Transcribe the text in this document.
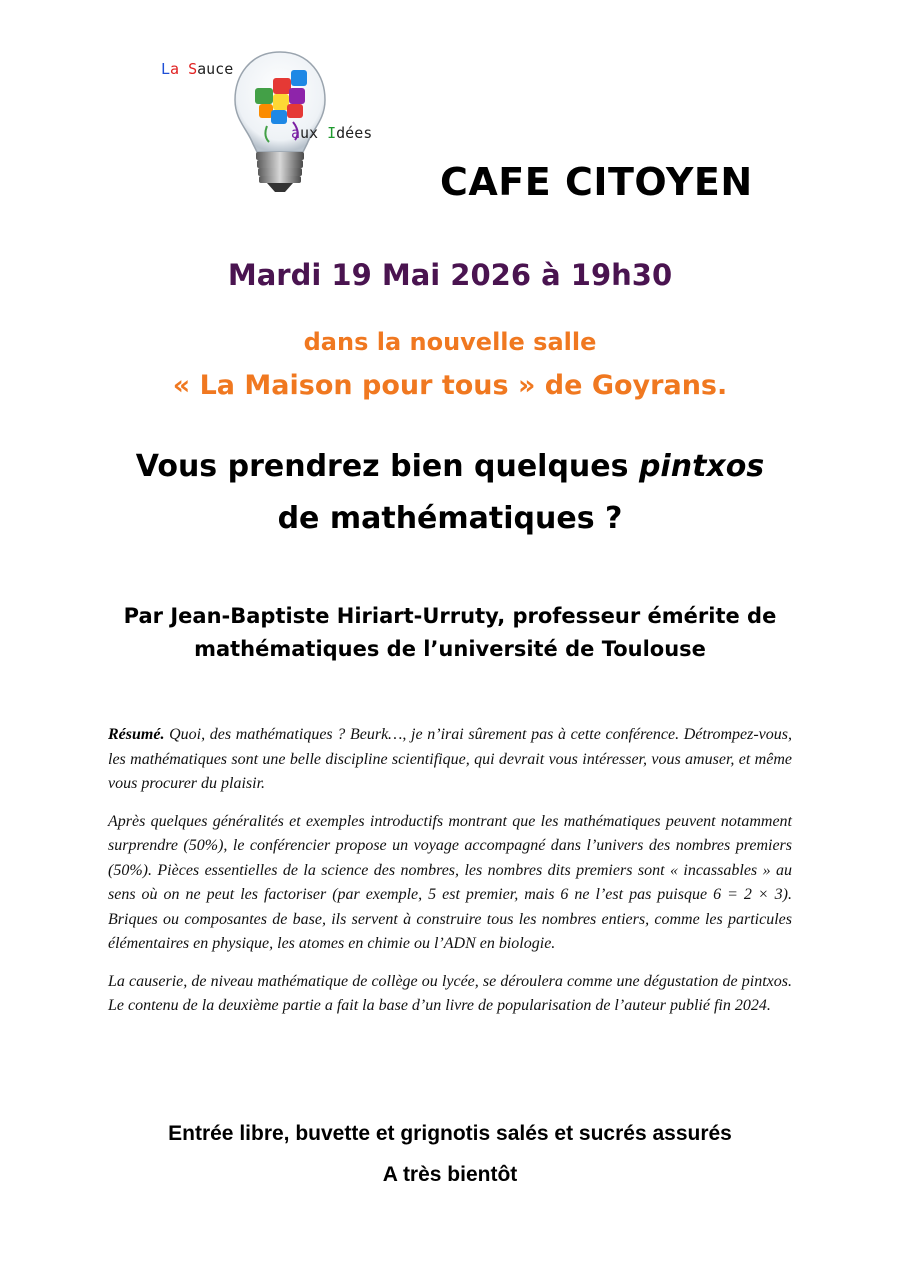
La Sauce
aux Idées
CAFE CITOYEN
Mardi 19 Mai 2026 à 19h30
dans la nouvelle salle
« La Maison pour tous » de Goyrans.
Vous prendrez bien quelques pintxos
de mathématiques ?
Par Jean-Baptiste Hiriart-Urruty, professeur émérite de
mathématiques de l’université de Toulouse

Résumé. Quoi, des mathématiques ? Beurk…, je n’irai sûrement pas à cette conférence. Détrompez-vous, les mathématiques sont une belle discipline scientifique, qui devrait vous intéresser, vous amuser, et même vous procurer du plaisir.

Après quelques généralités et exemples introductifs montrant que les mathématiques peuvent notamment surprendre (50%), le conférencier propose un voyage accompagné dans l’univers des nombres premiers (50%). Pièces essentielles de la science des nombres, les nombres dits premiers sont « incassables » au sens où on ne peut les factoriser (par exemple, 5 est premier, mais 6 ne l’est pas puisque 6 = 2 × 3). Briques ou composantes de base, ils servent à construire tous les nombres entiers, comme les particules élémentaires en physique, les atomes en chimie ou l’ADN en biologie.

La causerie, de niveau mathématique de collège ou lycée, se déroulera comme une dégustation de pintxos. Le contenu de la deuxième partie a fait la base d’un livre de popularisation de l’auteur publié fin 2024.

Entrée libre, buvette et grignotis salés et sucrés assurés
A très bientôt
